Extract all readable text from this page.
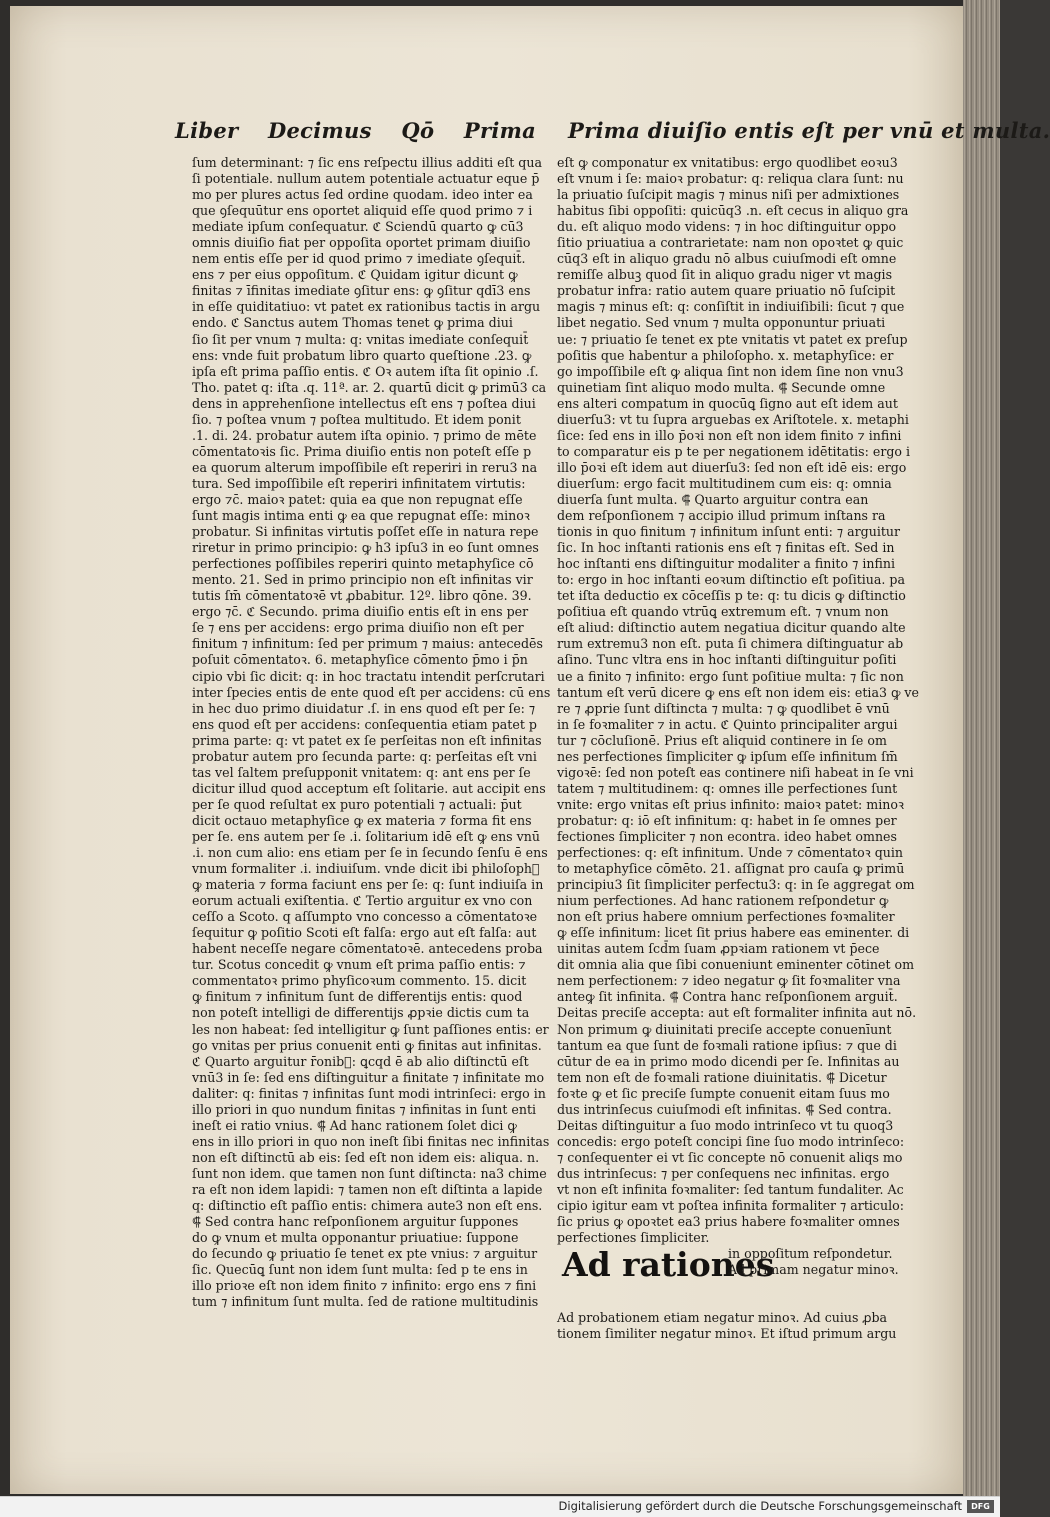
Liber Decimus Qō Prima	Prima diuiſio entis eſt per vnū et multa.
ſum determinant: ⁊ ſic ens reſpectu illius additi eſt qua
ſi potentiale. nullum autem potentiale actuatur eque p̄
mo per plures actus ſed ordine quodam. ideo inter ea
que ꝯſequūtur ens oportet aliquid eſſe quod primo ⁊ i
mediate ipſum conſequatur. ℭ Sciendū quarto ꝙ cū3
omnis diuiſio fiat per oppoſita oportet primam diuiſio
nem entis eſſe per id quod primo ⁊ imediate ꝯſequit̄.
ens ⁊ per eius oppoſitum. ℭ Quidam igitur dicunt ꝙ
finitas ⁊ īfinitas imediate ꝯſitur ens: ꝙ ꝯſitur qdī3 ens
in eſſe quiditatiuo: vt patet ex rationibus tactis in argu
endo. ℭ Sanctus autem Thomas tenet ꝙ prima diui
ſio ſit per vnum ⁊ multa: q: vnitas imediate conſequit̄
ens: vnde fuit probatum libro quarto queſtione .23. ꝙ
ipſa eſt prima paſſio entis. ℭ Oꝛ autem iſta ſit opinio .ſ.
Tho. patet q: iſta .q. 11ª. ar. 2. quartū dicit ꝙ primū3 ca
dens in apprehenſione intellectus eſt ens ⁊ poſtea diui
ſio. ⁊ poſtea vnum ⁊ poſtea multitudo. Et idem ponit
.1. di. 24. probatur autem iſta opinio. ⁊ primo de mēte
cōmentatoꝛis ſic. Prima diuiſio entis non poteſt eſſe p
ea quorum alterum impoſſibile eſt reperiri in reru3 na
tura. Sed impoſſibile eſt reperiri infinitatem virtutis:
ergo ⁊c̄. maioꝛ patet: quia ea que non repugnat eſſe
ſunt magis intima enti ꝙ ea que repugnat eſſe: minoꝛ
probatur. Si infinitas virtutis poſſet eſſe in natura repe
riretur in primo principio: ꝙ h3 ipſu3 in eo ſunt omnes
perfectiones poſſibiles reperiri quinto metaphyſice cō
mento. 21. Sed in primo principio non eſt infinitas vir
tutis ſm̄ cōmentatoꝛē vt ꝓbabitur. 12º. libro qōne. 39.
ergo ⁊c̄. ℭ Secundo. prima diuiſio entis eſt in ens per
ſe ⁊ ens per accidens: ergo prima diuiſio non eſt per
finitum ⁊ infinitum: ſed per primum ⁊ maius: antecedēs
poſuit cōmentatoꝛ. 6. metaphyſice cōmento p̄mo i p̄n
cipio vbi ſic dicit: q: in hoc tractatu intendit perſcrutari
inter ſpecies entis de ente quod eſt per accidens: cū ens
in hec duo primo diuidatur .ſ. in ens quod eſt per ſe: ⁊
ens quod eſt per accidens: conſequentia etiam patet p
prima parte: q: vt patet ex ſe perſeitas non eſt infinitas
probatur autem pro ſecunda parte: q: perſeitas eſt vni
tas vel ſaltem preſupponit vnitatem: q: ant ens per ſe
dicitur illud quod acceptum eſt ſolitarie. aut accipit ens
per ſe quod reſultat ex puro potentiali ⁊ actuali: p̄ut
dicit octauo metaphyſice ꝙ ex materia ⁊ forma fit ens
per ſe. ens autem per ſe .i. ſolitarium idē eſt ꝙ ens vnū
.i. non cum alio: ens etiam per ſe in ſecundo ſenſu ē ens
vnum formaliter .i. indiuiſum. vnde dicit ibi philoſoph᷒
ꝙ materia ⁊ forma faciunt ens per ſe: q: ſunt indiuiſa in
eorum actuali exiſtentia. ℭ Tertio arguitur ex vno con
ceſſo a Scoto. q aſſumpto vno concesso a cōmentatoꝛe
ſequitur ꝙ poſitio Scoti eſt falſa: ergo aut eſt falſa: aut
habent neceſſe negare cōmentatoꝛē. antecedens proba
tur. Scotus concedit ꝙ vnum eſt prima paſſio entis: ⁊
commentatoꝛ primo phyſicoꝛum commento. 15. dicit
ꝙ finitum ⁊ infinitum ſunt de differentijs entis: quod
non poteſt intelligi de differentijs ꝓpꝛie dictis cum ta
les non habeat: ſed intelligitur ꝙ ſunt paſſiones entis: er
go vnitas per prius conuenit enti ꝙ finitas aut infinitas.
ℭ Quarto arguitur r̄onib᷒: ꝗcqd ē ab alio diſtinctū eſt
vnū3 in ſe: ſed ens diſtinguitur a finitate ⁊ infinitate mo
daliter: q: finitas ⁊ infinitas ſunt modi intrinſeci: ergo in
illo priori in quo nundum finitas ⁊ infinitas in ſunt enti
ineſt ei ratio vnius. ⸿ Ad hanc rationem ſolet dici ꝙ
ens in illo priori in quo non ineſt ſibi finitas nec infinitas
non eſt diſtinctū ab eis: ſed eſt non idem eis: aliqua. n.
ſunt non idem. que tamen non ſunt diſtincta: na3 chime
ra eſt non idem lapidi: ⁊ tamen non eſt diſtinta a lapide
q: diſtinctio eſt paſſio entis: chimera aute3 non eſt ens.
⸿ Sed contra hanc reſponſionem arguitur ſuppones
do ꝙ vnum et multa opponantur priuatiue: ſuppone
do ſecundo ꝙ priuatio ſe tenet ex pte vnius: ⁊ arguitur
ſic. Quecūꝗ ſunt non idem ſunt multa: ſed p te ens in
illo prioꝛe eſt non idem finito ⁊ infinito: ergo ens ⁊ fini
tum ⁊ infinitum ſunt multa. ſed de ratione multitudinis
eſt ꝙ componatur ex vnitatibus: ergo quodlibet eoꝛu3
eſt vnum i ſe: maioꝛ probatur: q: reliqua clara ſunt: nu
la priuatio ſuſcipit magis ⁊ minus niſi per admixtiones
habitus ſibi oppoſiti: quicūq3 .n. eſt cecus in aliquo gra
du. eſt aliquo modo videns: ⁊ in hoc diſtinguitur oppo
ſitio priuatiua a contrarietate: nam non opoꝛtet ꝙ quic
cūq3 eſt in aliquo gradu nō albus cuiuſmodi eſt omne
remiſſe albuꝫ quod ſit in aliquo gradu niger vt magis
probatur infra: ratio autem quare priuatio nō ſuſcipit
magis ⁊ minus eſt: q: conſiſtit in indiuiſibili: ſicut ⁊ que
libet negatio. Sed vnum ⁊ multa opponuntur priuati
ue: ⁊ priuatio ſe tenet ex pte vnitatis vt patet ex preſup
poſitis que habentur a philoſopho. x. metaphyſice: er
go impoſſibile eſt ꝙ aliqua ſint non idem ſine non vnu3
quinetiam ſint aliquo modo multa. ⸿ Secunde omne
ens alteri compatum in quocūꝗ ſigno aut eſt idem aut
diuerſu3: vt tu ſupra arguebas ex Ariſtotele. x. metaphi
ſice: ſed ens in illo p̄oꝛi non eſt non idem finito ⁊ infini
to comparatur eis p te per negationem idētitatis: ergo i
illo p̄oꝛi eſt idem aut diuerſu3: ſed non eſt idē eis: ergo
diuerſum: ergo facit multitudinem cum eis: q: omnia
diuerſa ſunt multa. ⸿ Quarto arguitur contra ean
dem reſponſionem ⁊ accipio illud primum inſtans ra
tionis in quo finitum ⁊ infinitum inſunt enti: ⁊ arguitur
ſic. In hoc inſtanti rationis ens eſt ⁊ finitas eſt. Sed in
hoc inſtanti ens diſtinguitur modaliter a finito ⁊ infini
to: ergo in hoc inſtanti eoꝛum diſtinctio eſt poſitiua. pa
tet iſta deductio ex cōceſſis p te: q: tu dicis ꝙ diſtinctio
poſitiua eſt quando vtrūꝗ extremum eſt. ⁊ vnum non
eſt aliud: diſtinctio autem negatiua dicitur quando alte
rum extremu3 non eſt. puta ſi chimera diſtinguatur ab
aſino. Tunc vltra ens in hoc inſtanti diſtinguitur poſiti
ue a finito ⁊ infinito: ergo ſunt poſitiue multa: ⁊ ſic non
tantum eſt verū dicere ꝙ ens eſt non idem eis: etia3 ꝙ ve
re ⁊ ꝓprie ſunt diſtincta ⁊ multa: ⁊ ꝙ quodlibet ē vnū
in ſe foꝛmaliter ⁊ in actu. ℭ Quinto principaliter argui
tur ⁊ cōcluſionē. Prius eſt aliquid continere in ſe om
nes perfectiones ſimpliciter ꝙ ipſum eſſe infinitum ſm̄
vigoꝛē: ſed non poteſt eas continere niſi habeat in ſe vni
tatem ⁊ multitudinem: q: omnes ille perfectiones ſunt
vnite: ergo vnitas eſt prius infinito: maioꝛ patet: minoꝛ
probatur: q: iō eſt infinitum: q: habet in ſe omnes per
fectiones ſimpliciter ⁊ non econtra. ideo habet omnes
perfectiones: q: eſt infinitum. Unde ⁊ cōmentatoꝛ quin
to metaphyſice cōmēto. 21. aſſignat pro cauſa ꝙ primū
principiu3 ſit ſimpliciter perfectu3: q: in ſe aggregat om
nium perfectiones. Ad hanc rationem reſpondetur ꝙ
non eſt prius habere omnium perfectiones foꝛmaliter
ꝙ eſſe infinitum: licet ſit prius habere eas eminenter. di
uinitas autem ſcd̄m ſuam ꝓpꝛiam rationem vt p̄ece
dit omnia alia que ſibi conueniunt eminenter cōtinet om
nem perfectionem: ⁊ ideo negatur ꝙ ſit foꝛmaliter vna
anteꝙ ſit infinita. ⸿ Contra hanc reſponſionem arguit̄.
Deitas preciſe accepta: aut eſt formaliter infinita aut nō.
Non primum ꝙ diuinitati preciſe accepte conuenīunt
tantum ea que ſunt de foꝛmali ratione ipſius: ⁊ que di
cūtur de ea in primo modo dicendi per ſe. Infinitas au
tem non eſt de foꝛmali ratione diuinitatis. ⸿ Dicetur
foꝛte ꝙ et ſic preciſe ſumpte conuenit eitam ſuus mo
dus intrinſecus cuiuſmodi eſt infinitas. ⸿ Sed contra.
Deitas diſtinguitur a ſuo modo intrinſeco vt tu quoq3
concedis: ergo poteſt concipi ſine ſuo modo intrinſeco:
⁊ conſequenter ei vt ſic concepte nō conuenit aliqs mo
dus intrinſecus: ⁊ per conſequens nec infinitas. ergo
vt non eſt infinita foꝛmaliter: ſed tantum fundaliter. Ac
cipio igitur eam vt poſtea infinita formaliter ⁊ articulo:
ſic prius ꝙ opoꝛtet ea3 prius habere foꝛmaliter omnes
perfectiones ſimpliciter.
Ad rationes
in oppoſitum reſpondetur.
Ad primam negatur minoꝛ.
Ad probationem etiam negatur minoꝛ. Ad cuius ꝓba
tionem ſimiliter negatur minoꝛ. Et iſtud primum argu
Digitalisierung gefördert durch die Deutsche Forschungsgemeinschaft	DFG
